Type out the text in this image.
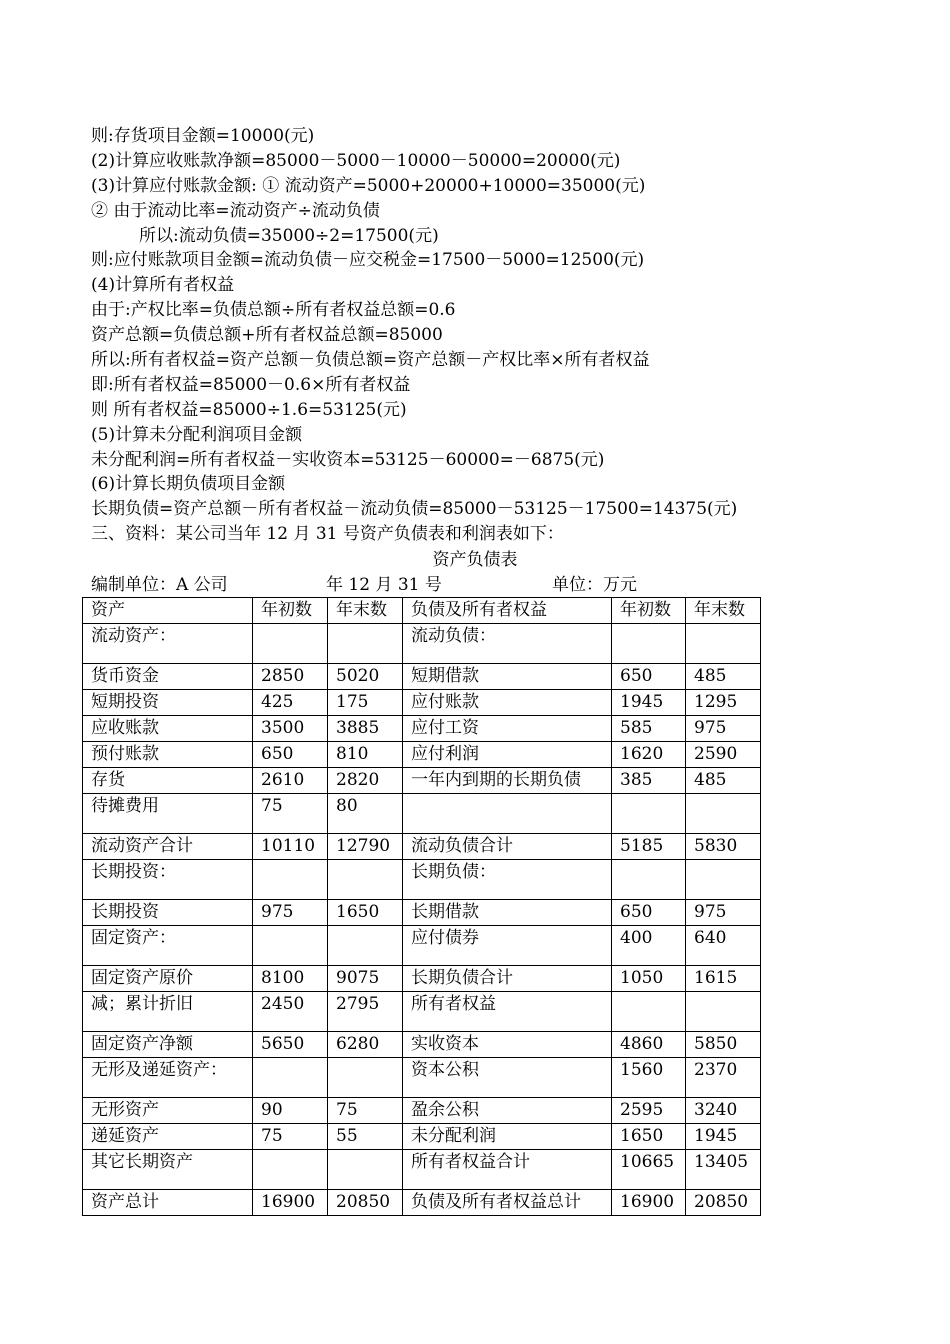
则:存货项目金额=10000(元)
(2)计算应收账款净额=85000－5000－10000－50000=20000(元)
(3)计算应付账款金额: ① 流动资产=5000+20000+10000=35000(元)
② 由于流动比率=流动资产÷流动负债
所以:流动负债=35000÷2=17500(元)
则:应付账款项目金额=流动负债－应交税金=17500－5000=12500(元)
(4)计算所有者权益
由于:产权比率=负债总额÷所有者权益总额=0.6
资产总额=负债总额+所有者权益总额=85000
所以:所有者权益=资产总额－负债总额=资产总额－产权比率×所有者权益
即:所有者权益=85000－0.6×所有者权益
则 所有者权益=85000÷1.6=53125(元)
(5)计算未分配利润项目金额
未分配利润=所有者权益－实收资本=53125－60000=－6875(元)
(6)计算长期负债项目金额
长期负债=资产总额－所有者权益－流动负债=85000－53125－17500=14375(元)
三、资料：某公司当年 12 月 31 号资产负债表和利润表如下：
资产负债表
编制单位：A 公司	年 12 月 31 号	单位：万元
资产	年初数	年末数	负债及所有者权益	年初数	年末数
流动资产：			流动负债：		
货币资金	2850	5020	短期借款	650	485
短期投资	425	175	应付账款	1945	1295
应收账款	3500	3885	应付工资	585	975
预付账款	650	810	应付利润	1620	2590
存货	2610	2820	一年内到期的长期负债	385	485
待摊费用	75	80			
流动资产合计	10110	12790	流动负债合计	5185	5830
长期投资：			长期负债：		
长期投资	975	1650	长期借款	650	975
固定资产：			应付债券	400	640
固定资产原价	8100	9075	长期负债合计	1050	1615
减；累计折旧	2450	2795	所有者权益		
固定资产净额	5650	6280	实收资本	4860	5850
无形及递延资产：			资本公积	1560	2370
无形资产	90	75	盈余公积	2595	3240
递延资产	75	55	未分配利润	1650	1945
其它长期资产			所有者权益合计	10665	13405
资产总计	16900	20850	负债及所有者权益总计	16900	20850
